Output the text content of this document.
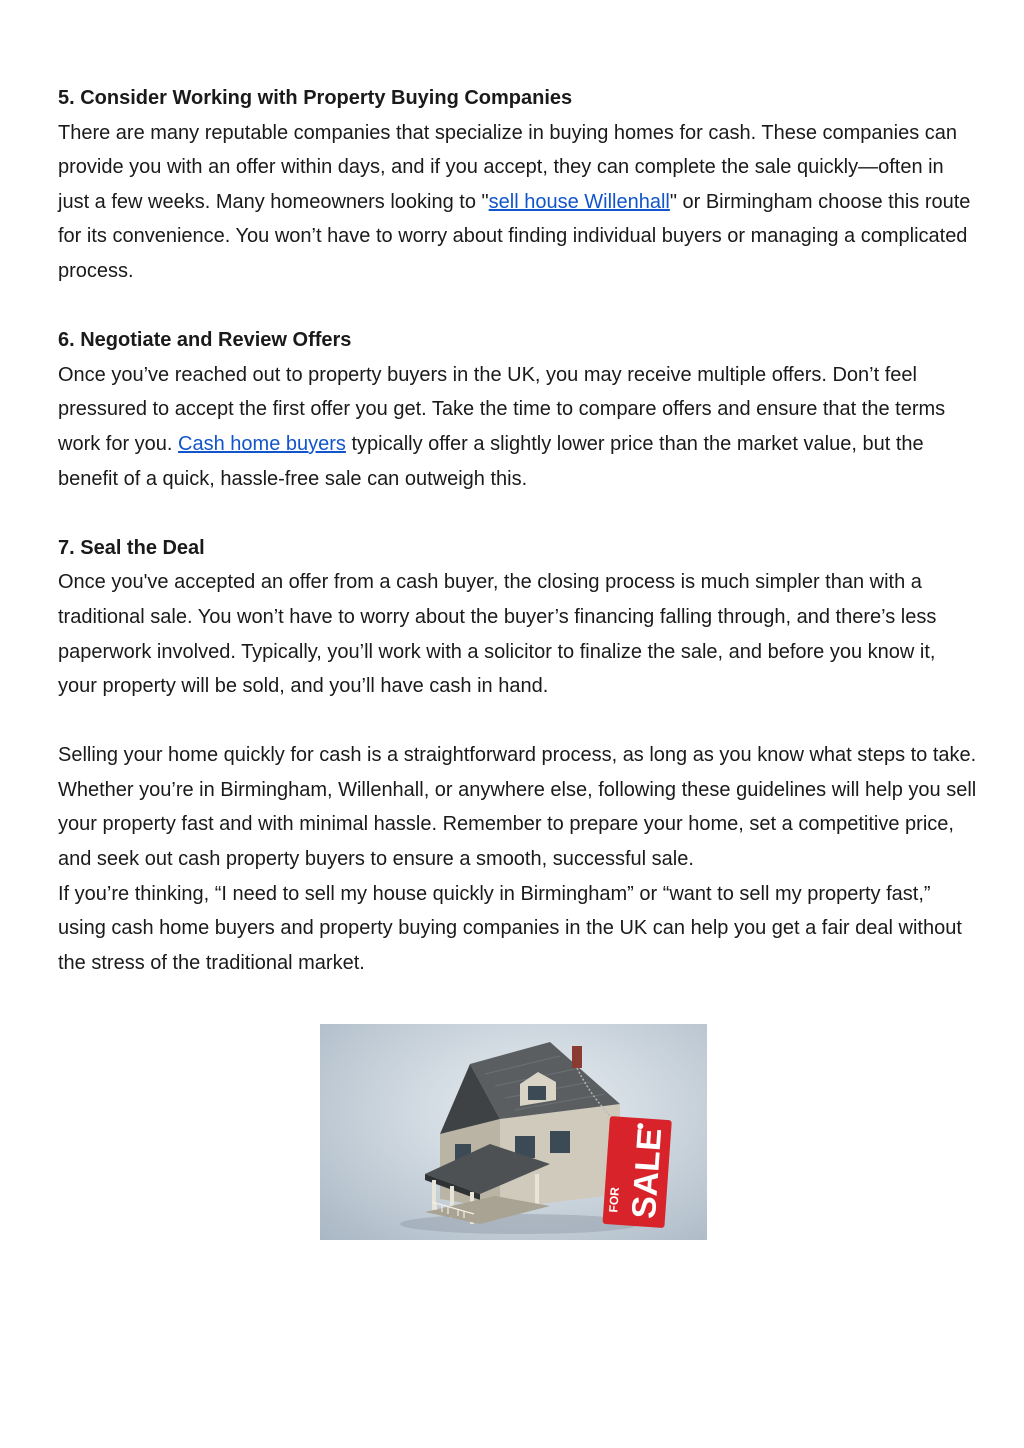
5. Consider Working with Property Buying Companies

There are many reputable companies that specialize in buying homes for cash. These companies can provide you with an offer within days, and if you accept, they can complete the sale quickly—often in just a few weeks. Many homeowners looking to "sell house Willenhall" or Birmingham choose this route for its convenience. You won’t have to worry about finding individual buyers or managing a complicated process.

6. Negotiate and Review Offers

Once you’ve reached out to property buyers in the UK, you may receive multiple offers. Don’t feel pressured to accept the first offer you get. Take the time to compare offers and ensure that the terms work for you. Cash home buyers typically offer a slightly lower price than the market value, but the benefit of a quick, hassle-free sale can outweigh this.

7. Seal the Deal

Once you've accepted an offer from a cash buyer, the closing process is much simpler than with a traditional sale. You won’t have to worry about the buyer’s financing falling through, and there’s less paperwork involved. Typically, you’ll work with a solicitor to finalize the sale, and before you know it, your property will be sold, and you’ll have cash in hand.

Selling your home quickly for cash is a straightforward process, as long as you know what steps to take. Whether you’re in Birmingham, Willenhall, or anywhere else, following these guidelines will help you sell your property fast and with minimal hassle. Remember to prepare your home, set a competitive price, and seek out cash property buyers to ensure a smooth, successful sale.

If you’re thinking, “I need to sell my house quickly in Birmingham” or “want to sell my property fast,” using cash home buyers and property buying companies in the UK can help you get a fair deal without the stress of the traditional market.

FOR SALE
